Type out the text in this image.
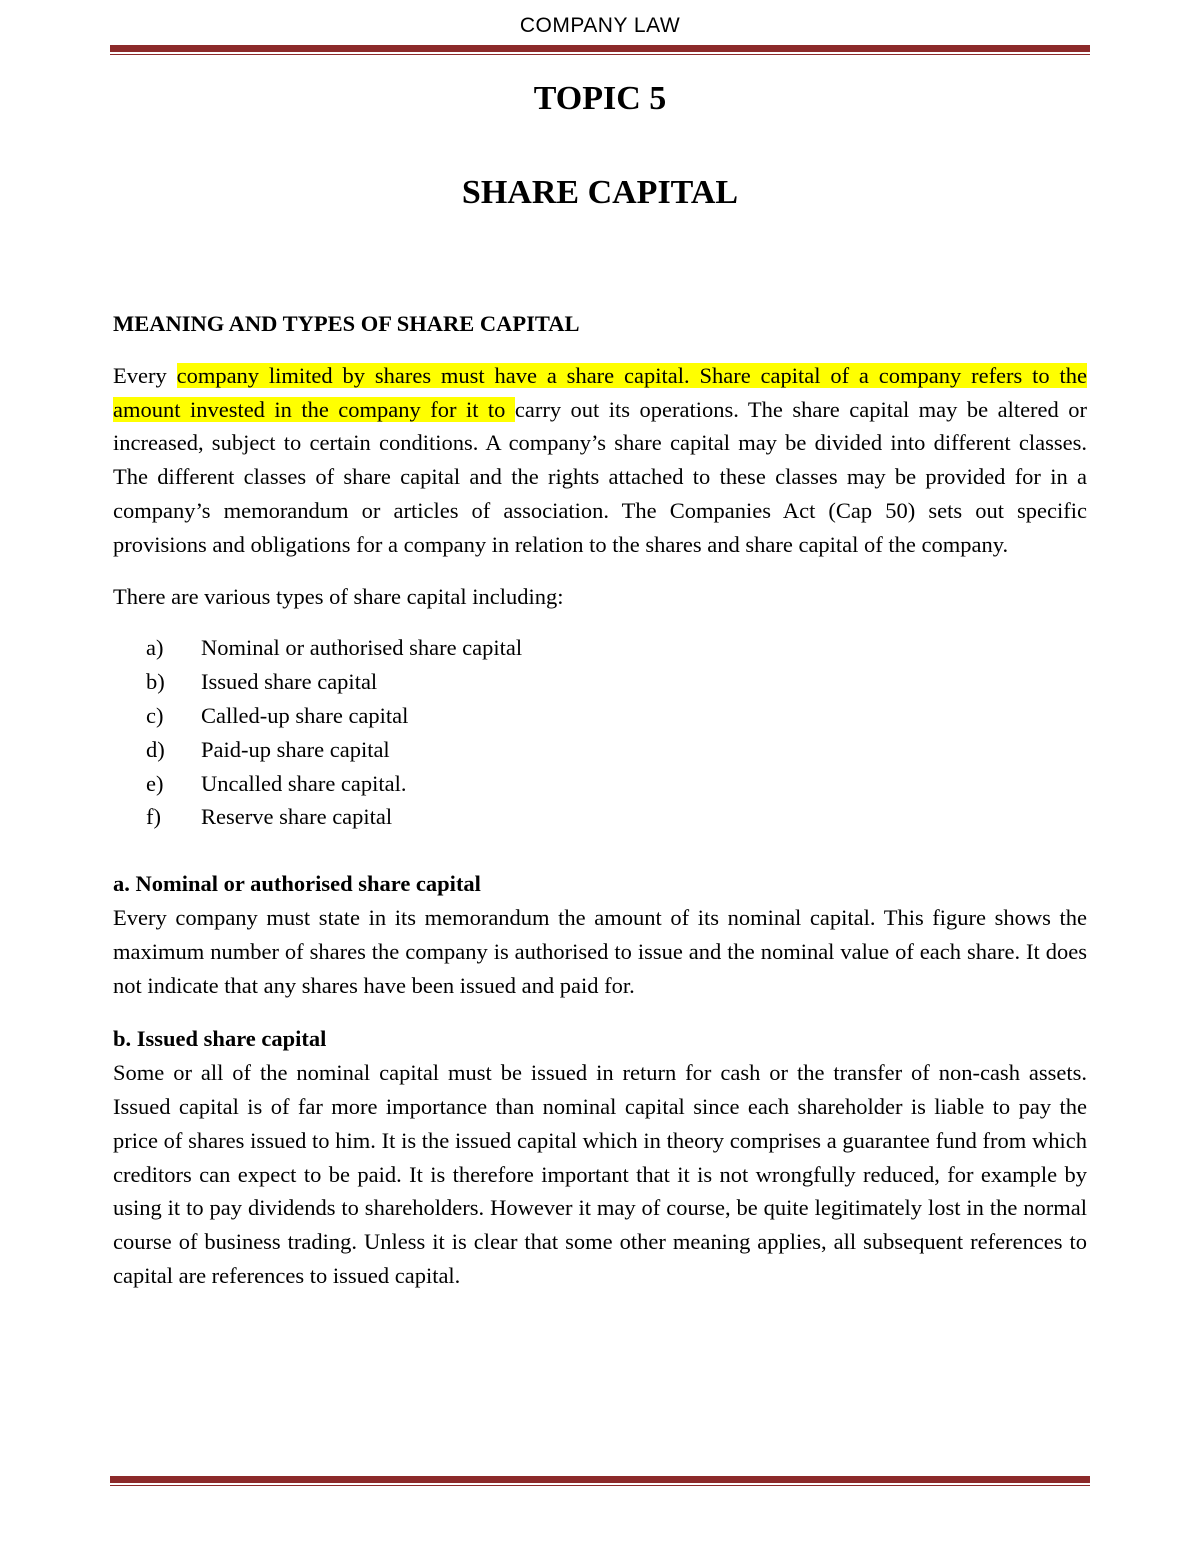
COMPANY LAW
TOPIC 5
SHARE CAPITAL

MEANING AND TYPES OF SHARE CAPITAL

Every company limited by shares must have a share capital. Share capital of a company refers to the amount invested in the company for it to carry out its operations. The share capital may be altered or increased, subject to certain conditions. A company’s share capital may be divided into different classes. The different classes of share capital and the rights attached to these classes may be provided for in a company’s memorandum or articles of association. The Companies Act (Cap 50) sets out specific provisions and obligations for a company in relation to the shares and share capital of the company.

There are various types of share capital including:

a)	Nominal or authorised share capital
b)	Issued share capital
c)	Called-up share capital
d)	Paid-up share capital
e)	Uncalled share capital.
f)	Reserve share capital

a. Nominal or authorised share capital

Every company must state in its memorandum the amount of its nominal capital. This figure shows the maximum number of shares the company is authorised to issue and the nominal value of each share. It does not indicate that any shares have been issued and paid for.

b. Issued share capital

Some or all of the nominal capital must be issued in return for cash or the transfer of non-cash assets. Issued capital is of far more importance than nominal capital since each shareholder is liable to pay the price of shares issued to him. It is the issued capital which in theory comprises a guarantee fund from which creditors can expect to be paid. It is therefore important that it is not wrongfully reduced, for example by using it to pay dividends to shareholders. However it may of course, be quite legitimately lost in the normal course of business trading. Unless it is clear that some other meaning applies, all subsequent references to capital are references to issued capital.
